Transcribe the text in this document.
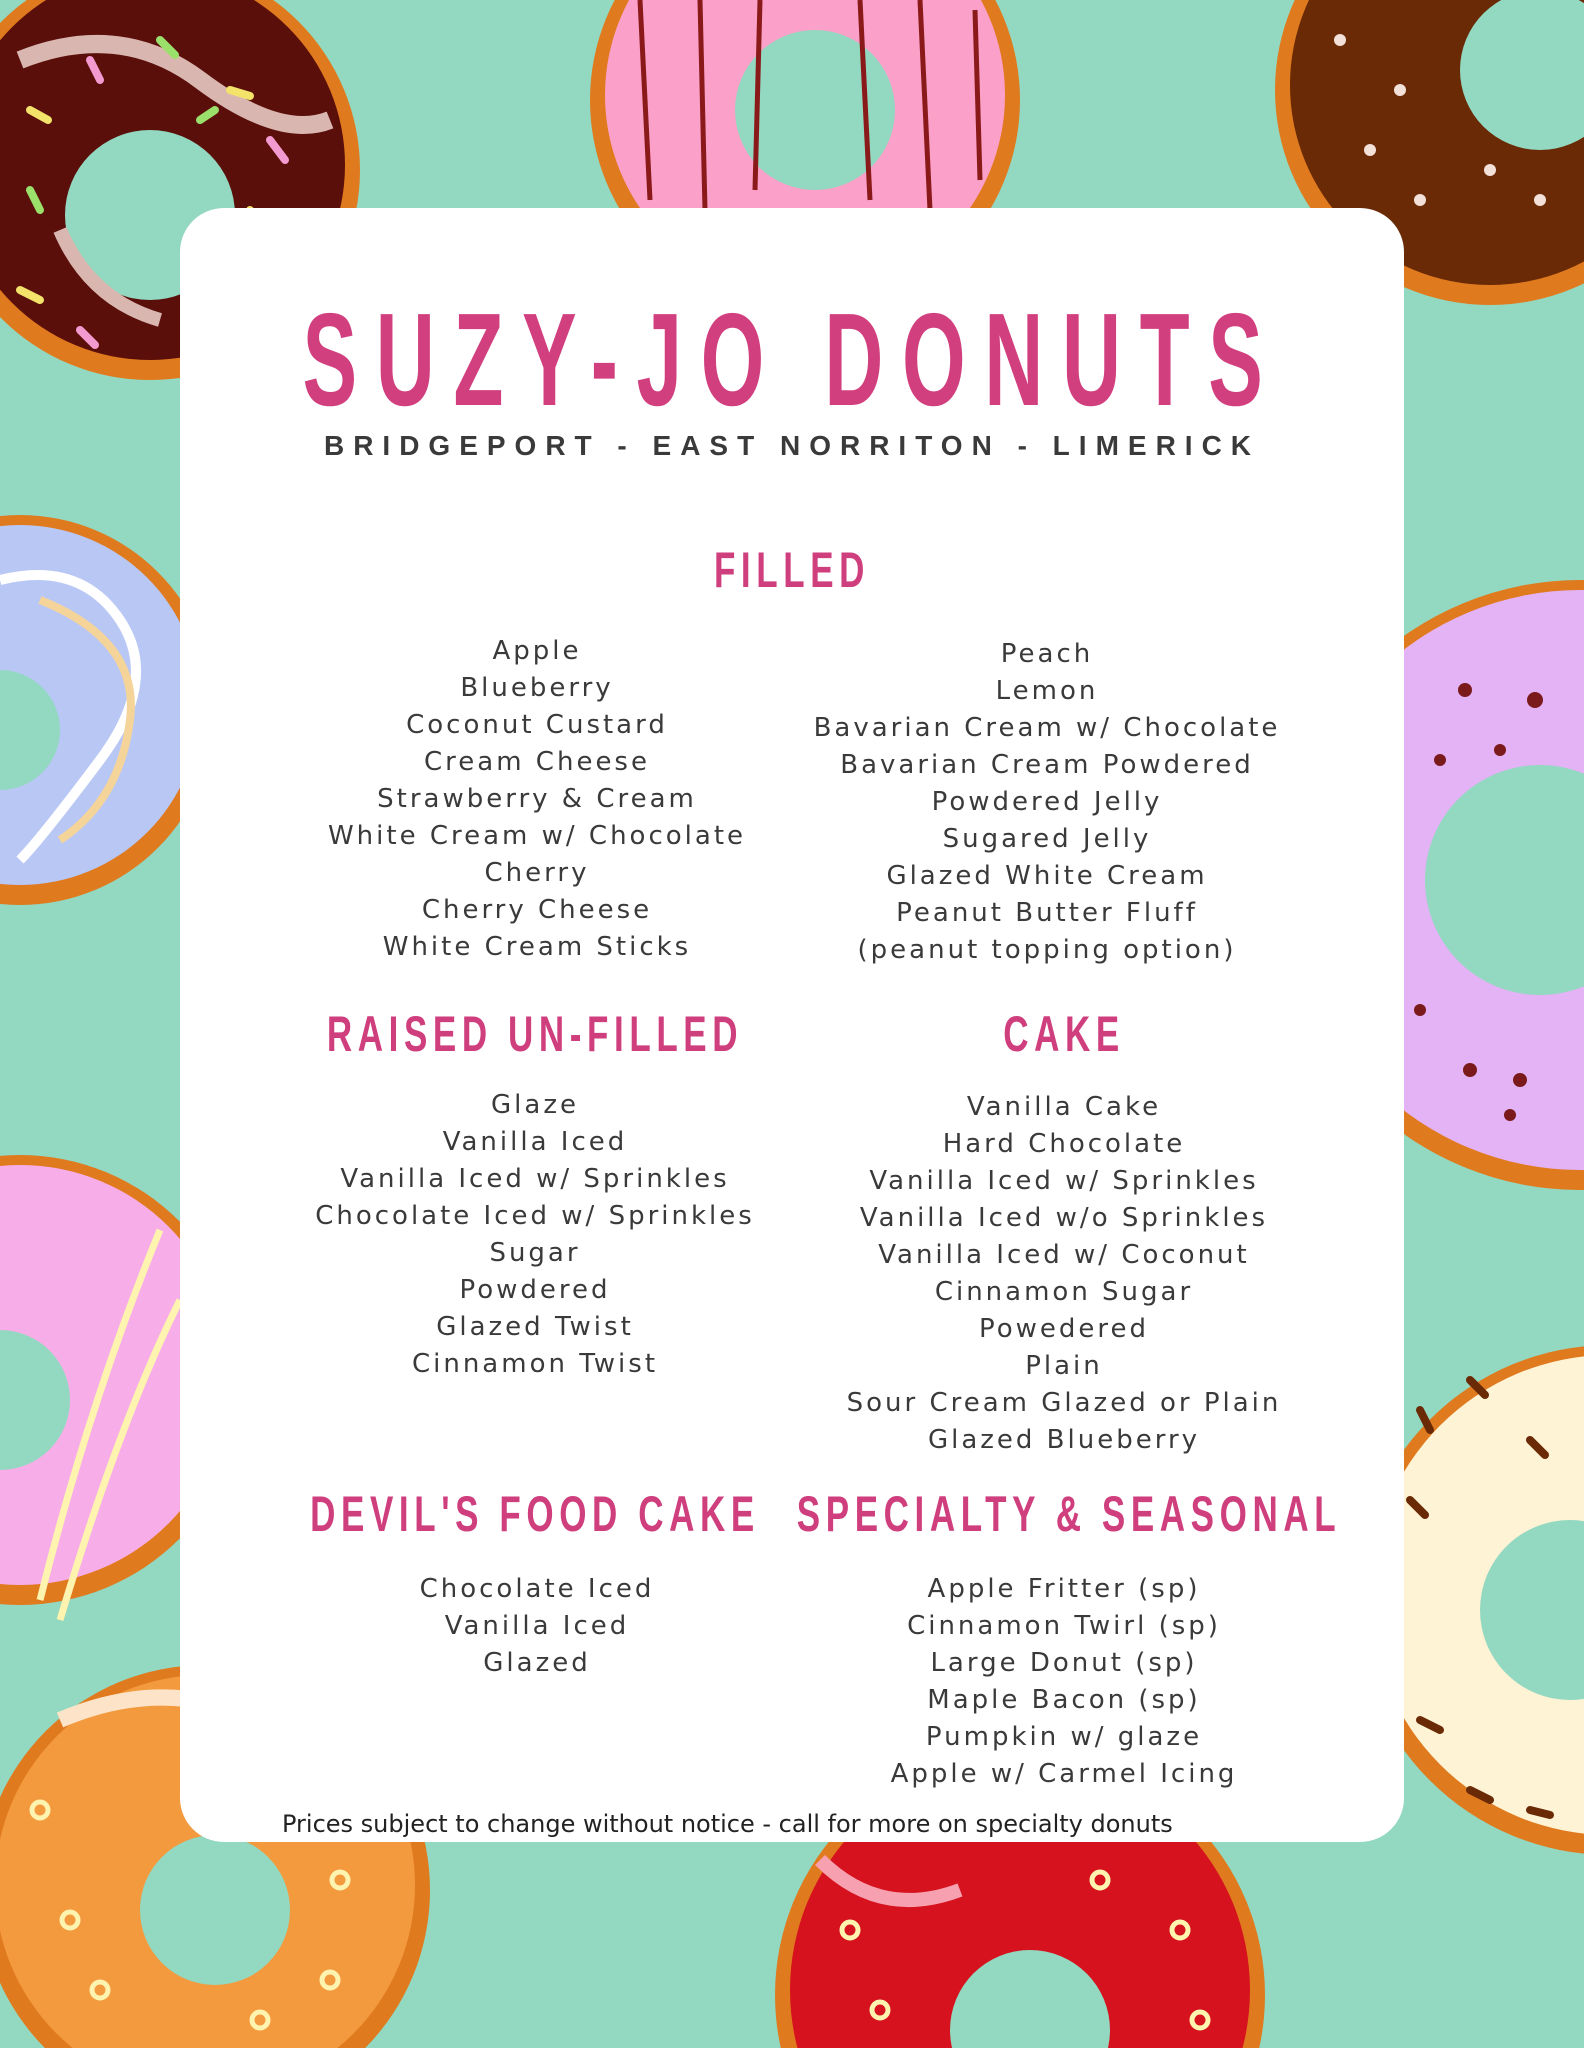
SUZY-JO DONUTS
BRIDGEPORT - EAST NORRITON - LIMERICK
FILLED
Apple
Blueberry
Coconut Custard
Cream Cheese
Strawberry & Cream
White Cream w/ Chocolate
Cherry
Cherry Cheese
White Cream Sticks
Peach
Lemon
Bavarian Cream w/ Chocolate
Bavarian Cream Powdered
Powdered Jelly
Sugared Jelly
Glazed White Cream
Peanut Butter Fluff
(peanut topping option)
RAISED UN-FILLED
Glaze
Vanilla Iced
Vanilla Iced w/ Sprinkles
Chocolate Iced w/ Sprinkles
Sugar
Powdered
Glazed Twist
Cinnamon Twist
CAKE
Vanilla Cake
Hard Chocolate
Vanilla Iced w/ Sprinkles
Vanilla Iced w/o Sprinkles
Vanilla Iced w/ Coconut
Cinnamon Sugar
Powedered
Plain
Sour Cream Glazed or Plain
Glazed Blueberry
DEVIL'S FOOD CAKE
Chocolate Iced
Vanilla Iced
Glazed
SPECIALTY & SEASONAL
Apple Fritter (sp)
Cinnamon Twirl (sp)
Large Donut (sp)
Maple Bacon (sp)
Pumpkin w/ glaze
Apple w/ Carmel Icing
Prices subject to change without notice - call for more on specialty donuts
